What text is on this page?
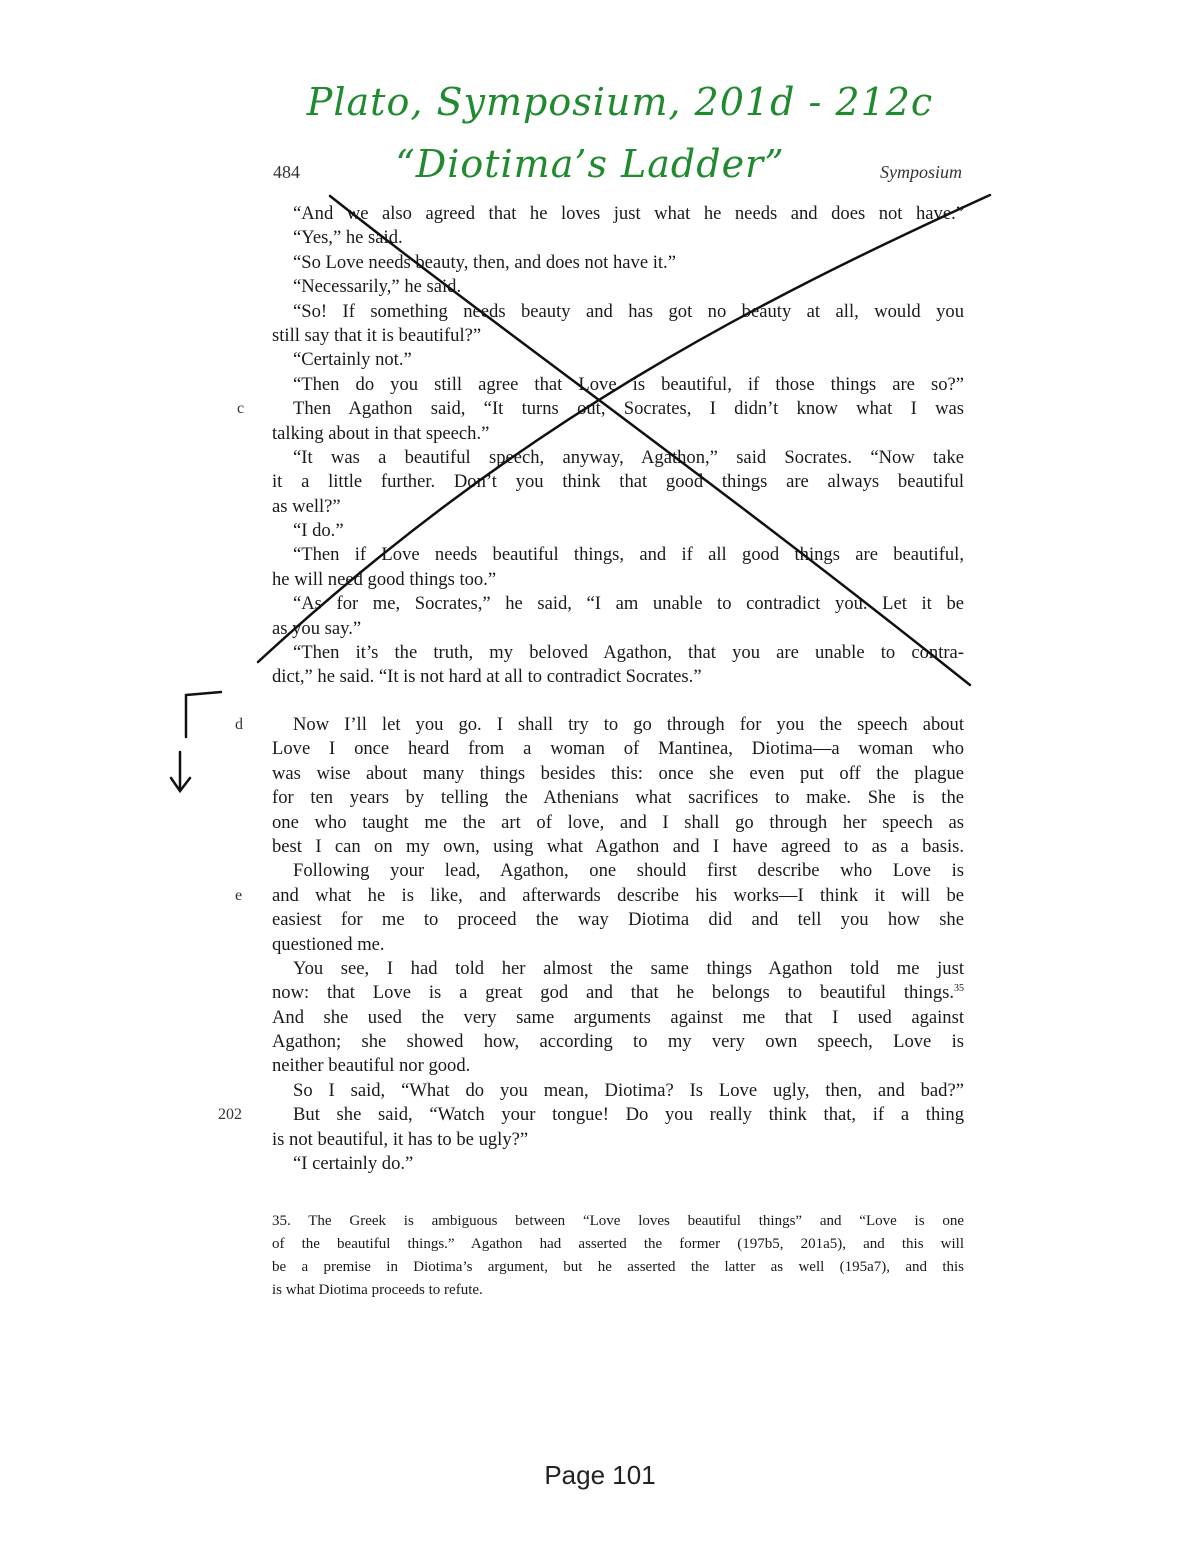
Plato, Symposium, 201d - 212c
“Diotima’s Ladder”
484	Symposium
c
d
e
202
“And we also agreed that he loves just what he needs and does not have.”
“Yes,” he said.
“So Love needs beauty, then, and does not have it.”
“Necessarily,” he said.
“So! If something needs beauty and has got no beauty at all, would you
still say that it is beautiful?”
“Certainly not.”
“Then do you still agree that Love is beautiful, if those things are so?”
Then Agathon said, “It turns out, Socrates, I didn’t know what I was
talking about in that speech.”
“It was a beautiful speech, anyway, Agathon,” said Socrates. “Now take
it a little further. Don’t you think that good things are always beautiful
as well?”
“I do.”
“Then if Love needs beautiful things, and if all good things are beautiful,
he will need good things too.”
“As for me, Socrates,” he said, “I am unable to contradict you. Let it be
as you say.”
“Then it’s the truth, my beloved Agathon, that you are unable to contra-
dict,” he said. “It is not hard at all to contradict Socrates.”
Now I’ll let you go. I shall try to go through for you the speech about
Love I once heard from a woman of Mantinea, Diotima—a woman who
was wise about many things besides this: once she even put off the plague
for ten years by telling the Athenians what sacrifices to make. She is the
one who taught me the art of love, and I shall go through her speech as
best I can on my own, using what Agathon and I have agreed to as a basis.
Following your lead, Agathon, one should first describe who Love is
and what he is like, and afterwards describe his works—I think it will be
easiest for me to proceed the way Diotima did and tell you how she
questioned me.
You see, I had told her almost the same things Agathon told me just
now: that Love is a great god and that he belongs to beautiful things.$^{35}$
And she used the very same arguments against me that I used against
Agathon; she showed how, according to my very own speech, Love is
neither beautiful nor good.
So I said, “What do you mean, Diotima? Is Love ugly, then, and bad?”
But she said, “Watch your tongue! Do you really think that, if a thing
is not beautiful, it has to be ugly?”
“I certainly do.”
35. The Greek is ambiguous between “Love loves beautiful things” and “Love is one
of the beautiful things.” Agathon had asserted the former (197b5, 201a5), and this will
be a premise in Diotima’s argument, but he asserted the latter as well (195a7), and this
is what Diotima proceeds to refute.
Page 101
